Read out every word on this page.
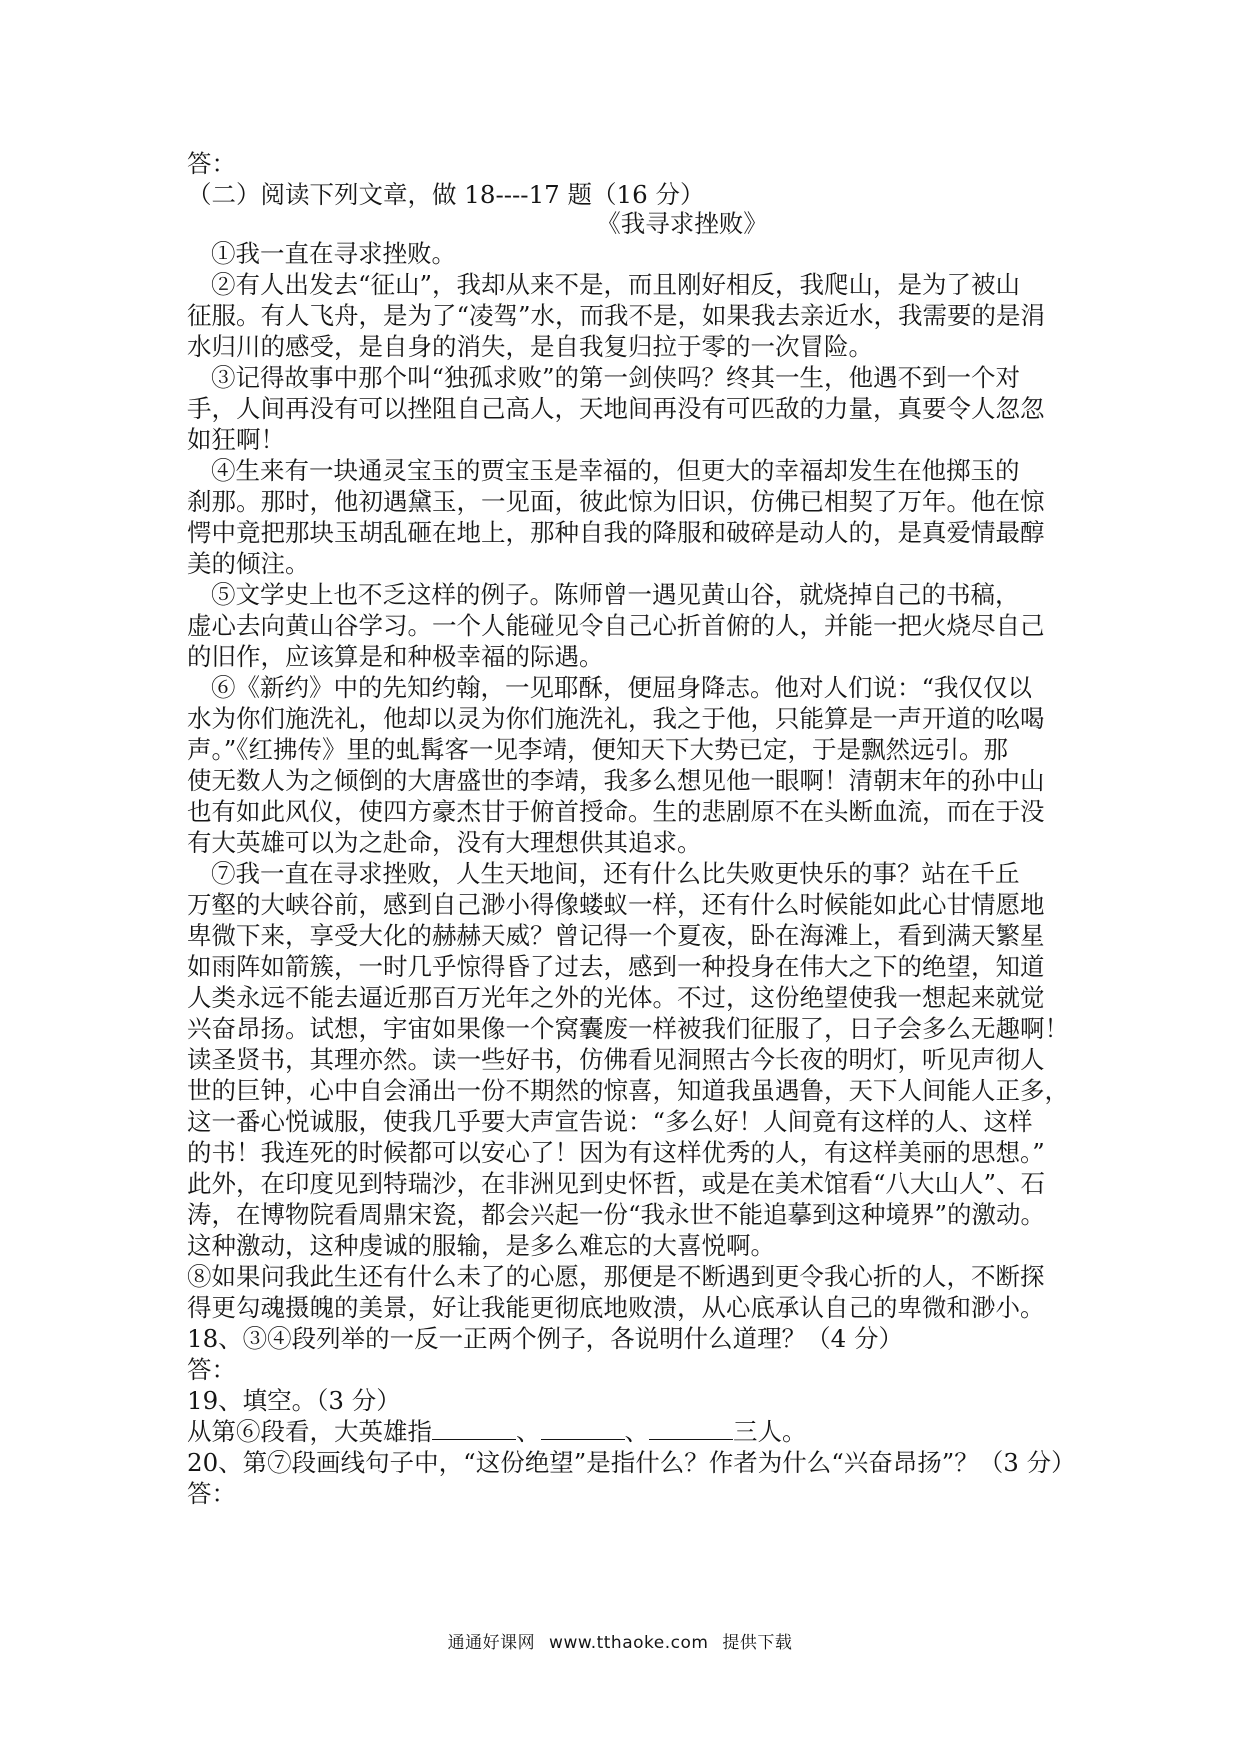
答：
（二）阅读下列文章，做 18----17 题（16 分）
《我寻求挫败》
①我一直在寻求挫败。
②有人出发去“征山”，我却从来不是，而且刚好相反，我爬山，是为了被山
征服。有人飞舟，是为了“凌驾”水，而我不是，如果我去亲近水，我需要的是涓
水归川的感受，是自身的消失，是自我复归拉于零的一次冒险。
③记得故事中那个叫“独孤求败”的第一剑侠吗？终其一生，他遇不到一个对
手，人间再没有可以挫阻自己高人，天地间再没有可匹敌的力量，真要令人忽忽
如狂啊！
④生来有一块通灵宝玉的贾宝玉是幸福的，但更大的幸福却发生在他掷玉的
刹那。那时，他初遇黛玉，一见面，彼此惊为旧识，仿佛已相契了万年。他在惊
愕中竟把那块玉胡乱砸在地上，那种自我的降服和破碎是动人的，是真爱情最醇
美的倾注。
⑤文学史上也不乏这样的例子。陈师曾一遇见黄山谷，就烧掉自己的书稿，
虚心去向黄山谷学习。一个人能碰见令自己心折首俯的人，并能一把火烧尽自己
的旧作，应该算是和种极幸福的际遇。
⑥《新约》中的先知约翰，一见耶酥，便屈身降志。他对人们说：“我仅仅以
水为你们施洗礼，他却以灵为你们施洗礼，我之于他，只能算是一声开道的吆喝
声。”《红拂传》里的虬髯客一见李靖，便知天下大势已定，于是飘然远引。那
使无数人为之倾倒的大唐盛世的李靖，我多么想见他一眼啊！清朝末年的孙中山
也有如此风仪，使四方豪杰甘于俯首授命。生的悲剧原不在头断血流，而在于没
有大英雄可以为之赴命，没有大理想供其追求。
⑦我一直在寻求挫败，人生天地间，还有什么比失败更快乐的事？站在千丘
万壑的大峡谷前，感到自己渺小得像蝼蚁一样，还有什么时候能如此心甘情愿地
卑微下来，享受大化的赫赫天威？曾记得一个夏夜，卧在海滩上，看到满天繁星
如雨阵如箭簇，一时几乎惊得昏了过去，感到一种投身在伟大之下的绝望，知道
人类永远不能去逼近那百万光年之外的光体。不过，这份绝望使我一想起来就觉
兴奋昂扬。试想，宇宙如果像一个窝囊废一样被我们征服了，日子会多么无趣啊！
读圣贤书，其理亦然。读一些好书，仿佛看见洞照古今长夜的明灯，听见声彻人
世的巨钟，心中自会涌出一份不期然的惊喜，知道我虽遇鲁，天下人间能人正多，
这一番心悦诚服，使我几乎要大声宣告说：“多么好！人间竟有这样的人、这样
的书！我连死的时候都可以安心了！因为有这样优秀的人，有这样美丽的思想。”
此外，在印度见到特瑞沙，在非洲见到史怀哲，或是在美术馆看“八大山人”、石
涛，在博物院看周鼎宋瓷，都会兴起一份“我永世不能追摹到这种境界”的激动。
这种激动，这种虔诚的服输，是多么难忘的大喜悦啊。
⑧如果问我此生还有什么未了的心愿，那便是不断遇到更令我心折的人，不断探
得更勾魂摄魄的美景，好让我能更彻底地败溃，从心底承认自己的卑微和渺小。
18、③④段列举的一反一正两个例子，各说明什么道理？（4 分）
答：
19、填空。（3 分）
从第⑥段看，大英雄指	、	、	三人。
20、第⑦段画线句子中，“这份绝望”是指什么？作者为什么“兴奋昂扬”？（3 分）
答：
通通好课网 www.tthaoke.com 提供下载
